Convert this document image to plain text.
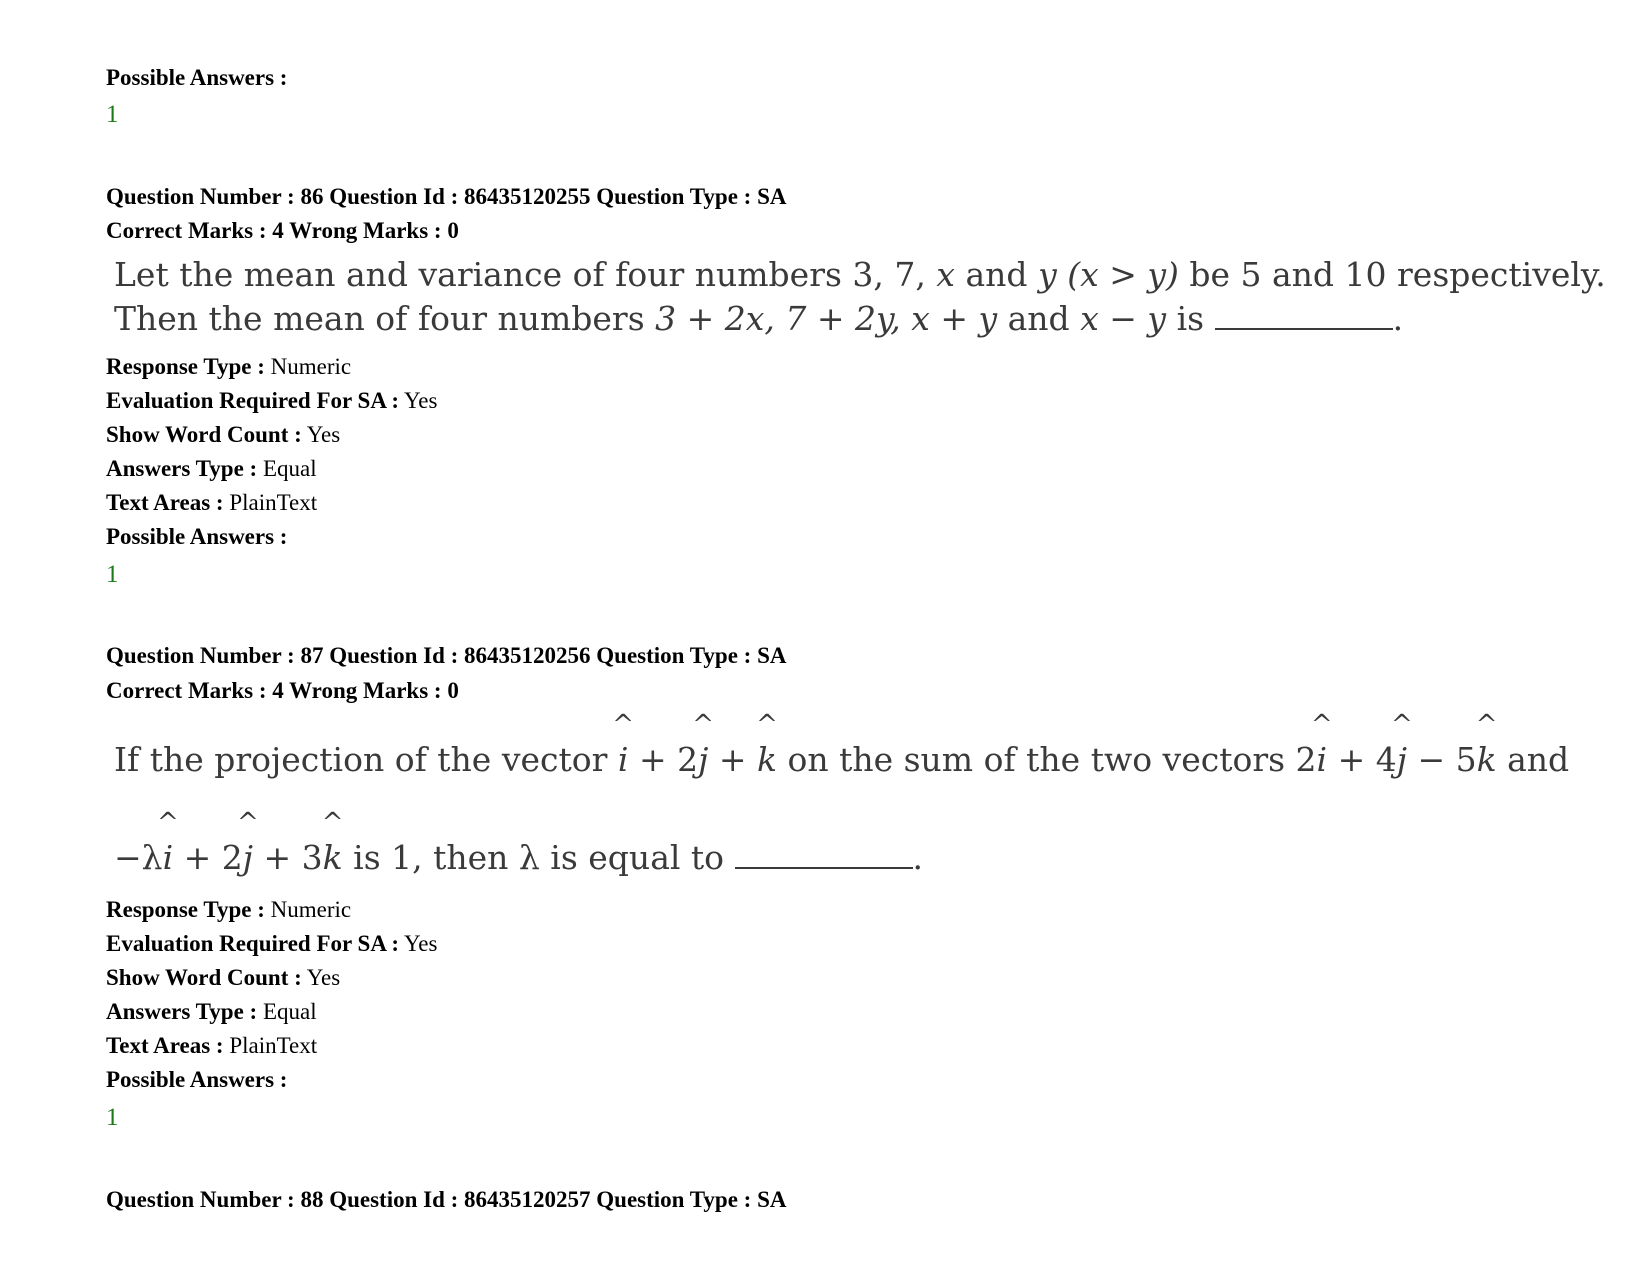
Possible Answers :
1
Question Number : 86 Question Id : 86435120255 Question Type : SA
Correct Marks : 4 Wrong Marks : 0
Let the mean and variance of four numbers 3, 7, x and y (x > y) be 5 and 10 respectively.
Then the mean of four numbers 3 + 2x, 7 + 2y, x + y and x − y is	.
Response Type : Numeric
Evaluation Required For SA : Yes
Show Word Count : Yes
Answers Type : Equal
Text Areas : PlainText
Possible Answers :
1
Question Number : 87 Question Id : 86435120256 Question Type : SA
Correct Marks : 4 Wrong Marks : 0
If the projection of the vector ^ i + 2^ j + ^ k on the sum of the two vectors 2^ i + 4^ j − 5^ k and
−λ^ i + 2^ j + 3^ k is 1, then λ is equal to	.
Response Type : Numeric
Evaluation Required For SA : Yes
Show Word Count : Yes
Answers Type : Equal
Text Areas : PlainText
Possible Answers :
1
Question Number : 88 Question Id : 86435120257 Question Type : SA
